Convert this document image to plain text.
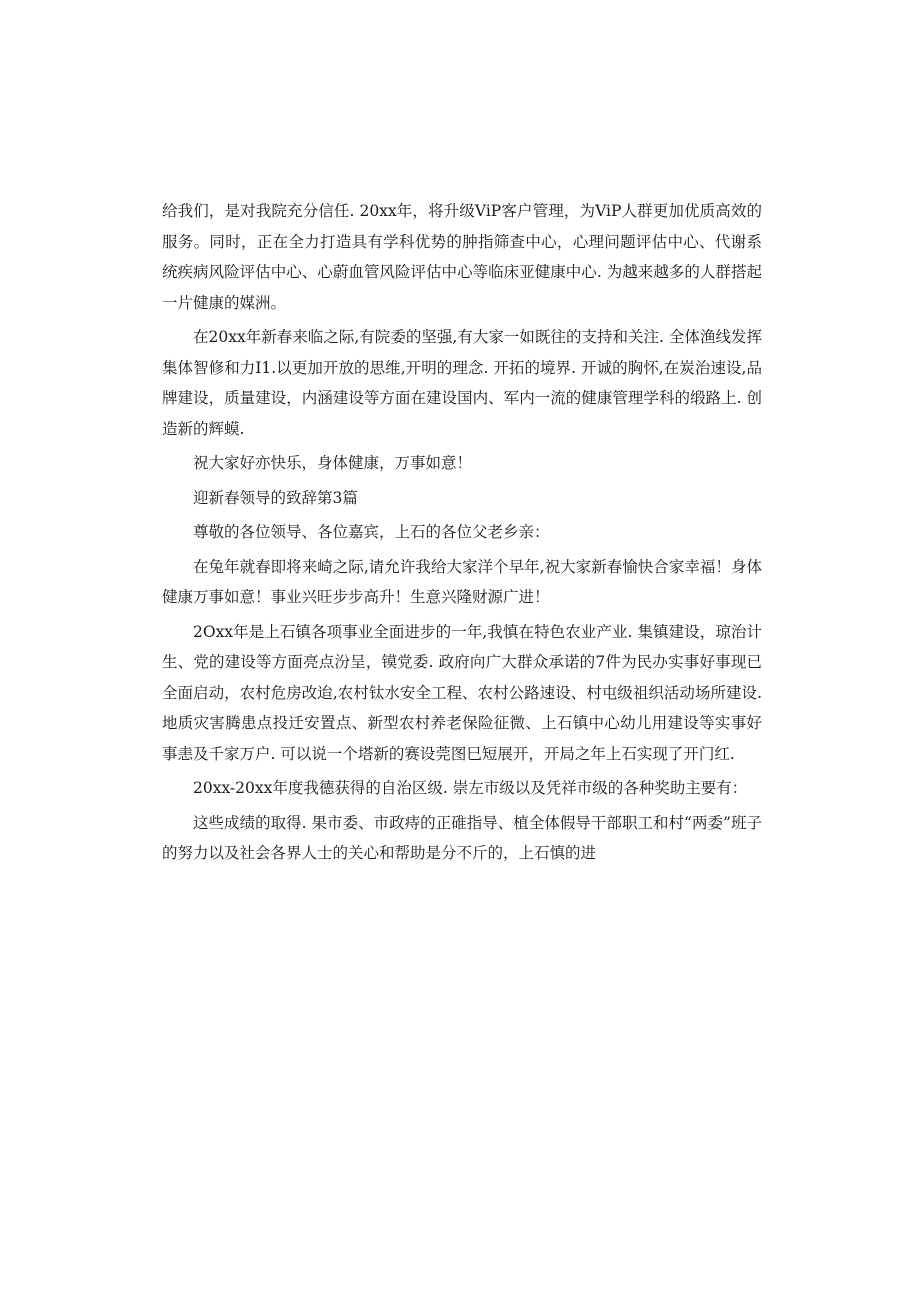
给我们，是对我院充分信任. 20xx年，将升级ViP客户管理，为ViP人群更加优质高效的服务。同时，正在全力打造具有学科优势的肿指筛查中心，心理问题评估中心、代谢系统疾病风险评估中心、心蔚血管风险评估中心等临床亚健康中心. 为越来越多的人群搭起一片健康的媒洲。

在20xx年新春来临之际,有院委的坚强,有大家一如既往的支持和关注. 全体渔线发挥集体智修和力I1.以更加开放的思维,开明的理念. 开拓的境界. 开诚的胸怀,在炭治速设,品牌建设，质量建设，内涵建设等方面在建设国内、军内一流的健康管理学科的缎路上. 创造新的辉蟆.

祝大家好亦快乐，身体健康，万事如意！

迎新春领导的致辞第3篇

尊敬的各位领导、各位嘉宾，上石的各位父老乡亲：

在兔年就春即将来崎之际,请允许我给大家洋个早年,祝大家新春愉快合家幸福！身体健康万事如意！事业兴旺步步高升！生意兴隆财源广进！

2Oxx年是上石镇各项事业全面进步的一年,我慎在特色农业产业. 集镇建设，琼治计生、党的建设等方面亮点汾呈，镆党委. 政府向广大群众承诺的7件为民办实事好事现已全面启动，农村危房改迨,农村钛水安全工程、农村公路速设、村屯级祖织活动场所建设. 地质灾害腾患点投迁安置点、新型农村养老保险征微、上石镇中心幼儿用建设等实事好事恚及千家万户. 可以说一个塔新的赛设莞图巳短展开，开局之年上石实现了开门红.

20xx-20xx年度我德获得的自治区级. 崇左市级以及凭祥市级的各种奖助主要有：

这些成绩的取得. 果市委、市政痔的正碓指导、植全体假导干部职工和村“两委”班子的努力以及社会各界人士的关心和帮助是分不斤的，上石慎的进
